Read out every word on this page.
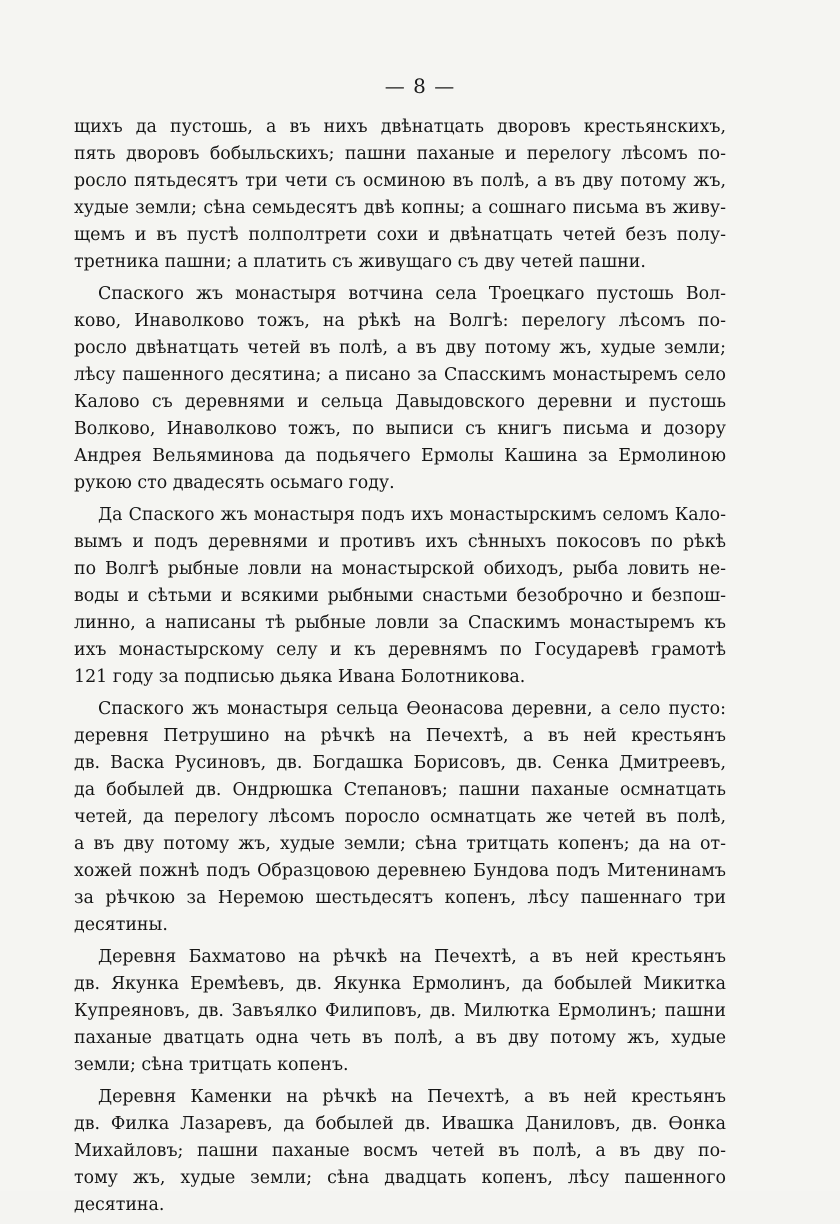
— 8 —
щихъ да пустошь, а въ нихъ двѣнатцать дворовъ крестьянскихъ,
пять дворовъ бобыльскихъ; пашни паханые и перелогу лѣсомъ по-
росло пятьдесятъ три чети съ осминою въ полѣ, а въ дву потому жъ,
худые земли; сѣна семьдесятъ двѣ копны; а сошнаго письма въ живу-
щемъ и въ пустѣ полполтрети сохи и двѣнатцать четей безъ полу-
третника пашни; а платить съ живущаго съ дву четей пашни.
Спаского жъ монастыря вотчина села Троецкаго пустошь Вол-
ково, Инаволково тожъ, на рѣкѣ на Волгѣ: перелогу лѣсомъ по-
росло двѣнатцать четей въ полѣ, а въ дву потому жъ, худые земли;
лѣсу пашенного десятина; а писано за Спасскимъ монастыремъ село
Калово съ деревнями и сельца Давыдовского деревни и пустошь
Волково, Инаволково тожъ, по выписи съ книгъ письма и дозору
Андрея Вельяминова да подьячего Ермолы Кашина за Ермолиною
рукою сто двадесять осьмаго году.
Да Спаского жъ монастыря подъ ихъ монастырскимъ селомъ Кало-
вымъ и подъ деревнями и противъ ихъ сѣнныхъ покосовъ по рѣкѣ
по Волгѣ рыбные ловли на монастырской обиходъ, рыба ловить не-
воды и сѣтьми и всякими рыбными снастьми безоброчно и безпош-
линно, а написаны тѣ рыбные ловли за Спаскимъ монастыремъ къ
ихъ монастырскому селу и къ деревнямъ по Государевѣ грамотѣ
121 году за подписью дьяка Ивана Болотникова.
Спаского жъ монастыря сельца Ѳеонасова деревни, а село пусто:
деревня Петрушино на рѣчкѣ на Печехтѣ, а въ ней крестьянъ
дв. Васка Русиновъ, дв. Богдашка Борисовъ, дв. Сенка Дмитреевъ,
да бобылей дв. Ондрюшка Степановъ; пашни паханые осмнатцать
четей, да перелогу лѣсомъ поросло осмнатцать же четей въ полѣ,
а въ дву потому жъ, худые земли; сѣна тритцать копенъ; да на от-
хожей пожнѣ подъ Образцовою деревнею Бундова подъ Митенинамъ
за рѣчкою за Неремою шестьдесятъ копенъ, лѣсу пашеннаго три
десятины.
Деревня Бахматово на рѣчкѣ на Печехтѣ, а въ ней крестьянъ
дв. Якунка Еремѣевъ, дв. Якунка Ермолинъ, да бобылей Микитка
Купреяновъ, дв. Завъялко Филиповъ, дв. Милютка Ермолинъ; пашни
паханые дватцать одна четь въ полѣ, а въ дву потому жъ, худые
земли; сѣна тритцать копенъ.
Деревня Каменки на рѣчкѣ на Печехтѣ, а въ ней крестьянъ
дв. Филка Лазаревъ, да бобылей дв. Ивашка Даниловъ, дв. Ѳонка
Михайловъ; пашни паханые восмъ четей въ полѣ, а въ дву по-
тому жъ, худые земли; сѣна двадцать копенъ, лѣсу пашенного
десятина.
